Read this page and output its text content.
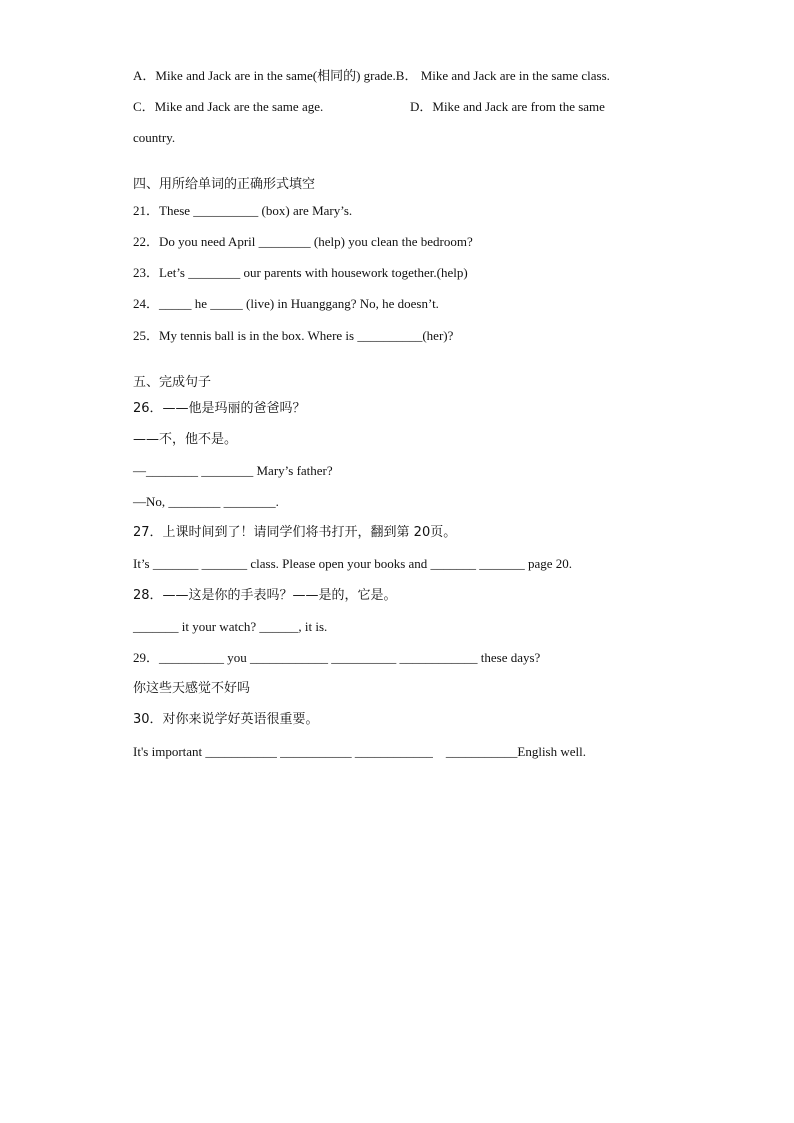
A．Mike and Jack are in the same(相同的) grade.B． Mike and Jack are in the same class.
C．Mike and Jack are the same age.	D．Mike and Jack are from the same
country.
四、用所给单词的正确形式填空
21．These __________ (box) are Mary’s.
22．Do you need April ________ (help) you clean the bedroom?
23．Let’s ________ our parents with housework together.(help)
24．_____ he _____ (live) in Huanggang? No, he doesn’t.
25．My tennis ball is in the box. Where is __________(her)?
五、完成句子
26．——他是玛丽的爸爸吗？
——不，他不是。
—________ ________ Mary’s father?
—No, ________ ________.
27．上课时间到了！请同学们将书打开，翻到第 20页。
It’s _______ _______ class. Please open your books and _______ _______ page 20.
28．——这是你的手表吗？——是的，它是。
_______ it your watch? ______, it is.
29．__________ you ____________ __________ ____________ these days?
你这些天感觉不好吗
30．对你来说学好英语很重要。
It's important ___________ ___________ ____________    ___________English well.
